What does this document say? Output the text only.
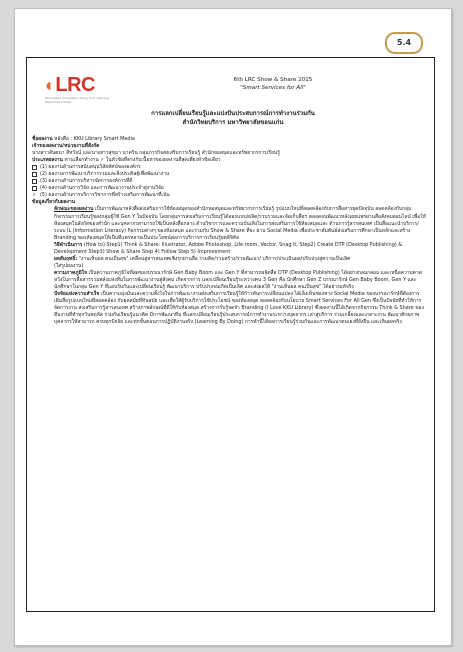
5.4
◐LRC
Khon Kaen University Library and Learning Resources Center
6th LRC Show & Share 2015
"Smart Services for All"
การแลกเปลี่ยนเรียนรู้และแบ่งปันประสบการณ์การทำงานร่วมกัน
สำนักวิทยบริการ มหาวิทยาลัยขอนแก่น

ชื่อผลงาน หลังคือ : KKU Library Smart Media

เจ้าของผลงาน/หน่วยงานที่สังกัด

นางสาวสันตนา สีหวัจน์ และนางสาวสุขมา นาคริน กลุ่มภารกิจส่งเสริมการเรียนรู้ สำนักหอสมุดและทรัพยากรการเรียนรู้

ประเภทผลงาน ท่านเลือกทำงาน ✓ ในหัวข้อที่ตรงกับเนื้อหาของผลงานที่สุดเพียงหัวข้อเดียว

(1) ผลงานด้านการสนับสนุนวิสัยทัศน์ขององค์กร
(2) ผลงานการพัฒนาบริการรวมและสิ่งประดิษฐ์เพื่อพัฒนางาน
(3) ผลงานด้านการบริหารจัดการองค์การที่ดี
(4) ผลงานด้านการวิจัย และการพัฒนางานประจำสู่งานวิจัย
✓ (5) ผลงานด้านการบริการวิชาการที่สร้างเสริมการพัฒนาที่เน้น

ข้อมูลเกี่ยวกับผลงาน

ลักษณะของผลงาน เป็นการพัฒนาหลังสื่อส่งเสริมการใช้ห้องสมุดของสำนักหอสมุดและทรัพยากรการเรียนรู้ รูปแบบใหม่ที่สอดคล้องกับการสื่อสารยุคปัจจุบัน สอดคล้องกับกลุ่มกิจกรรมการเรียนรู้ของกลุ่มผู้ใช้ Gen Y ในปัจจุบัน โดยกลุ่มการส่งเสริมการเรียนรู้ได้ออกแบบ/ผลิต/รวบรวมและจัดเก็บสื่อฯ ตลอดจนพัฒนาหลังเผยแพร่ผ่านสื่อสังคมออนไลน์ เพื่อให้ห้องสมุดในสังกัดของสำนัก และบุคลากรสามารถใช้เป็นหลังสื่อกลาง ด้านวิชาการและความบันเทิงในการส่งเสริมการใช้ห้องสมุดและ ด้านการรู้สารสนเทศ เป็นสื่อแนะนำบริการ/ระบบ IL (Information Literacy) กิจกรรมต่างๆ ของห้องสมุด และร่วมกับ Show & Share ที่จะ ผ่าน Social Media เพื่อประชาสัมพันธ์ส่งเสริมการศึกษาเป็นหลักและสร้าง Branding ของห้องสมุดให้เป็นที่แพร่หลายเป็นประโยชน์ต่อการบริการการเรียนรู้ยุคดิจิทัล

วิธีดำเนินการ (How to) Step1) Think & Share: Illustrator, Adobe Photoshop, Life room, Vector, Snag it, Step2) Create DTP (Desktop Publishing) & Development Step3) Show & Share Step 4) Follow Step 5) Improvement

ผลสัมฤทธิ์: "งานเห็นผล คนเป็นสุข" เคลื่อนสู่สารสนเทศเชิงรุกผ่านสื่อ ร่วมคิด/ร่วมสร้าง/ร่วมพัฒนา/ บริการ/ประเมินผล/ปรับปรุงสู่ความเป็นเลิศ

(ใส่รูปผลงาน)

ความภาคภูมิใจ เป็นความภาคภูมิใจที่สุดของบรรณารักษ์ Gen Baby Boom และ Gen Y ที่สามารถผลิตสื่อ DTP (Desktop Publishing) ได้อย่างกลมกล่อม และเหนือความคาดหวังในการสื่อสารรวมพลังแห่งทีมในการพัฒนางานสู่สังคม เกิดจากการ แลกเปลี่ยนเรียนรู้ระหว่างคน 3 Gen คือ นักศึกษา Gen Z บรรณารักษ์ Gen Baby Boom, Gen Y และนักศึกษาในกลุ่ม Gen Y ที่แอบรับกันและเปลี่ยนเรียนรู้ พัฒนาบริการ ปรับปรุงจนเกิดเป็นเลิศ และส่งผลให้ "งานเห็นผล คนเป็นสุข" ได้อย่างแท้จริง

ปัจจัยแห่งความสำเร็จ เป็นความมุ่งมั่นและความตั้งใจในการพัฒนางานส่งเสริมการเรียนรู้ให้ก้าวทันการเปลี่ยนแปลง ได้เล็งเห็นช่องทาง Social Media ของบรรณารักษ์ที่ต้องการเติมสื่อรูปแบบใหม่ที่สอดคล้อง กับยุคสมัยที่ทันสมัย และเพื่อให้ผู้รับบริการใช้ประโยชน์ ของห้องสมุด สอดคล้องกับนโยบาย Smart Services For All Gen ซึ่งเป็นปัจจัยที่ทำให้การจัดการงาน ส่งเสริมการรู้สารสนเทศ สร้างภาพลักษณ์ที่ดีให้กับห้องสมุด สร้างการรับรู้จดจำ Branding (I Love KKU Library) ซึ่งผลงานนี้ได้เกิดจากกิจกรรม Think & Share ของทีมงานที่ทำทุกวันพฤหัส ร่วมกันเรียนรู้แนวคิด มีการพัฒนาทีม ที่แลกเปลี่ยนเรียนรู้ประสบการณ์การทำงานระหว่างบุคลากร เล่าสู่บริการ ร่วมเกลี้ยงและเกลาะงาน พัฒนาศักยภาพบุคลากรให้สามารถ ครบทุกปัจจัย และทุกขั้นตอนการปฏิบัติงานจริง (Learning By Doing) การทำนี้ได้ผลการเรียนรู้ร่วมกันและการพัฒนาตนเองที่ยั่งยืน และเห็นผลจริง
